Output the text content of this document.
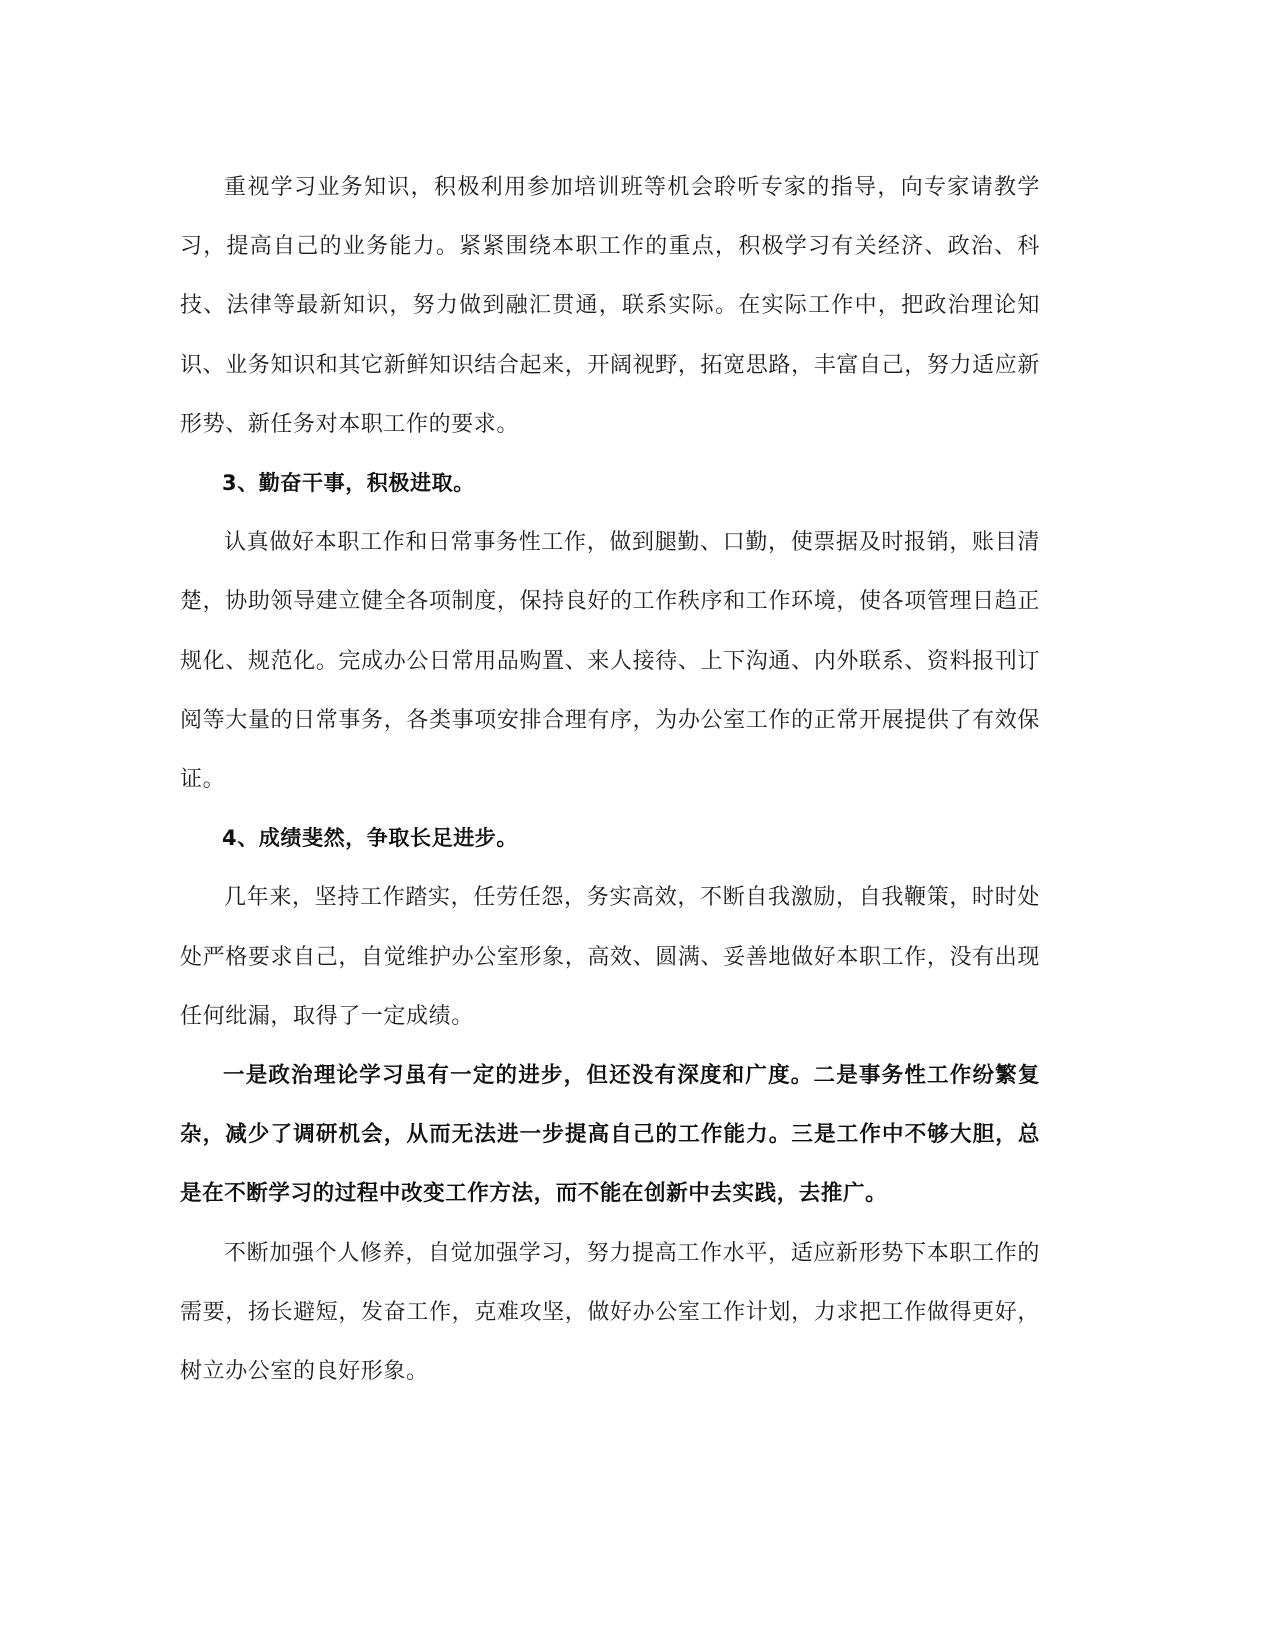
重视学习业务知识，积极利用参加培训班等机会聆听专家的指导，向专家请教学习，提高自己的业务能力。紧紧围绕本职工作的重点，积极学习有关经济、政治、科技、法律等最新知识，努力做到融汇贯通，联系实际。在实际工作中，把政治理论知识、业务知识和其它新鲜知识结合起来，开阔视野，拓宽思路，丰富自己，努力适应新形势、新任务对本职工作的要求。

3、勤奋干事，积极进取。

认真做好本职工作和日常事务性工作，做到腿勤、口勤，使票据及时报销，账目清楚，协助领导建立健全各项制度，保持良好的工作秩序和工作环境，使各项管理日趋正规化、规范化。完成办公日常用品购置、来人接待、上下沟通、内外联系、资料报刊订阅等大量的日常事务，各类事项安排合理有序，为办公室工作的正常开展提供了有效保证。

4、成绩斐然，争取长足进步。

几年来，坚持工作踏实，任劳任怨，务实高效，不断自我激励，自我鞭策，时时处处严格要求自己，自觉维护办公室形象，高效、圆满、妥善地做好本职工作，没有出现任何纰漏，取得了一定成绩。

一是政治理论学习虽有一定的进步，但还没有深度和广度。二是事务性工作纷繁复杂，减少了调研机会，从而无法进一步提高自己的工作能力。三是工作中不够大胆，总是在不断学习的过程中改变工作方法，而不能在创新中去实践，去推广。

不断加强个人修养，自觉加强学习，努力提高工作水平，适应新形势下本职工作的需要，扬长避短，发奋工作，克难攻坚，做好办公室工作计划，力求把工作做得更好，树立办公室的良好形象。
